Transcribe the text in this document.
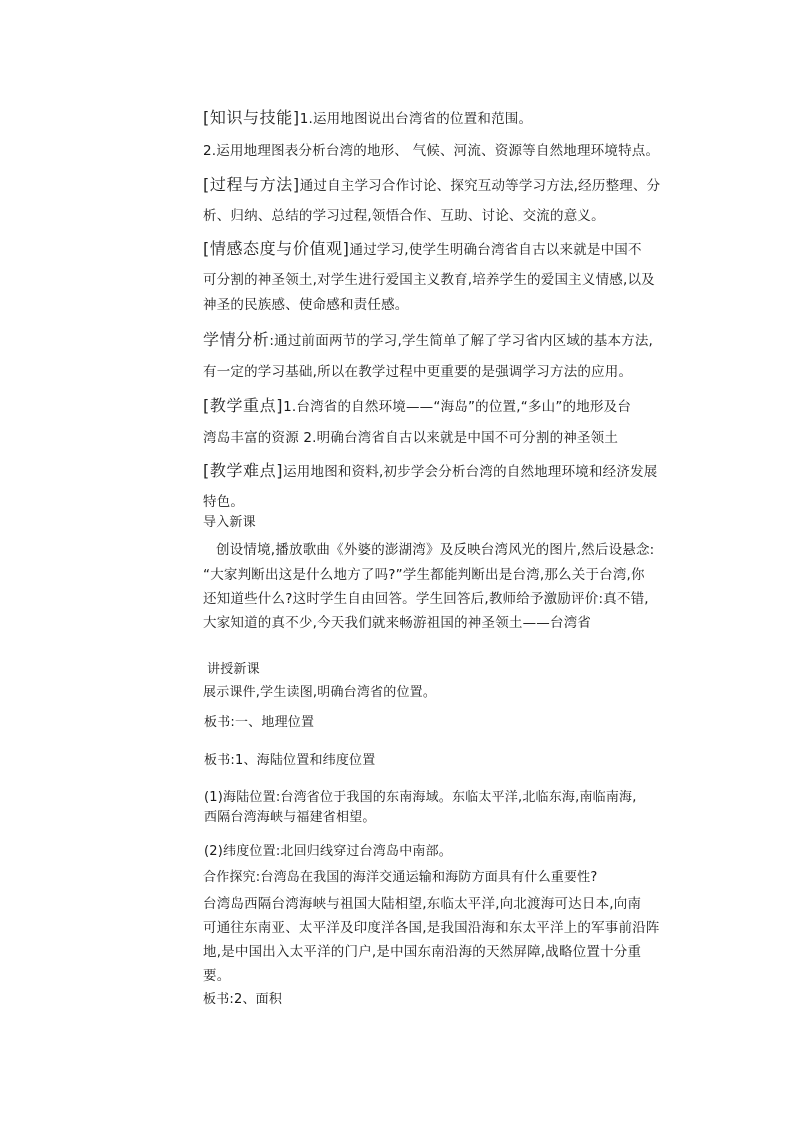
[知识与技能]1.运用地图说出台湾省的位置和范围。
2.运用地理图表分析台湾的地形、 气候、河流、资源等自然地理环境特点。
[过程与方法]通过自主学习合作讨论、探究互动等学习方法,经历整理、分
析、归纳、总结的学习过程,领悟合作、互助、讨论、交流的意义。
[情感态度与价值观]通过学习,使学生明确台湾省自古以来就是中国不
可分割的神圣领土,对学生进行爱国主义教育,培养学生的爱国主义情感,以及
神圣的民族感、使命感和责任感。
学情分析:通过前面两节的学习,学生简单了解了学习省内区域的基本方法,
有一定的学习基础,所以在教学过程中更重要的是强调学习方法的应用。
[教学重点]1.台湾省的自然环境——“海岛”的位置,“多山”的地形及台
湾岛丰富的资源 2.明确台湾省自古以来就是中国不可分割的神圣领土
[教学难点]运用地图和资料,初步学会分析台湾的自然地理环境和经济发展
特色。
导入新课
创设情境,播放歌曲《外婆的澎湖湾》及反映台湾风光的图片,然后设悬念:
“大家判断出这是什么地方了吗?”学生都能判断出是台湾,那么关于台湾,你
还知道些什么?这时学生自由回答。学生回答后,教师给予激励评价:真不错,
大家知道的真不少,今天我们就来畅游祖国的神圣领土——台湾省
讲授新课
展示课件,学生读图,明确台湾省的位置。
板书:一、地理位置
板书:1、海陆位置和纬度位置
(1)海陆位置:台湾省位于我国的东南海域。东临太平洋,北临东海,南临南海,
西隔台湾海峡与福建省相望。
(2)纬度位置:北回归线穿过台湾岛中南部。
合作探究:台湾岛在我国的海洋交通运输和海防方面具有什么重要性?
台湾岛西隔台湾海峡与祖国大陆相望,东临太平洋,向北渡海可达日本,向南
可通往东南亚、太平洋及印度洋各国,是我国沿海和东太平洋上的军事前沿阵
地,是中国出入太平洋的门户,是中国东南沿海的天然屏障,战略位置十分重
要。
板书:2、面积
